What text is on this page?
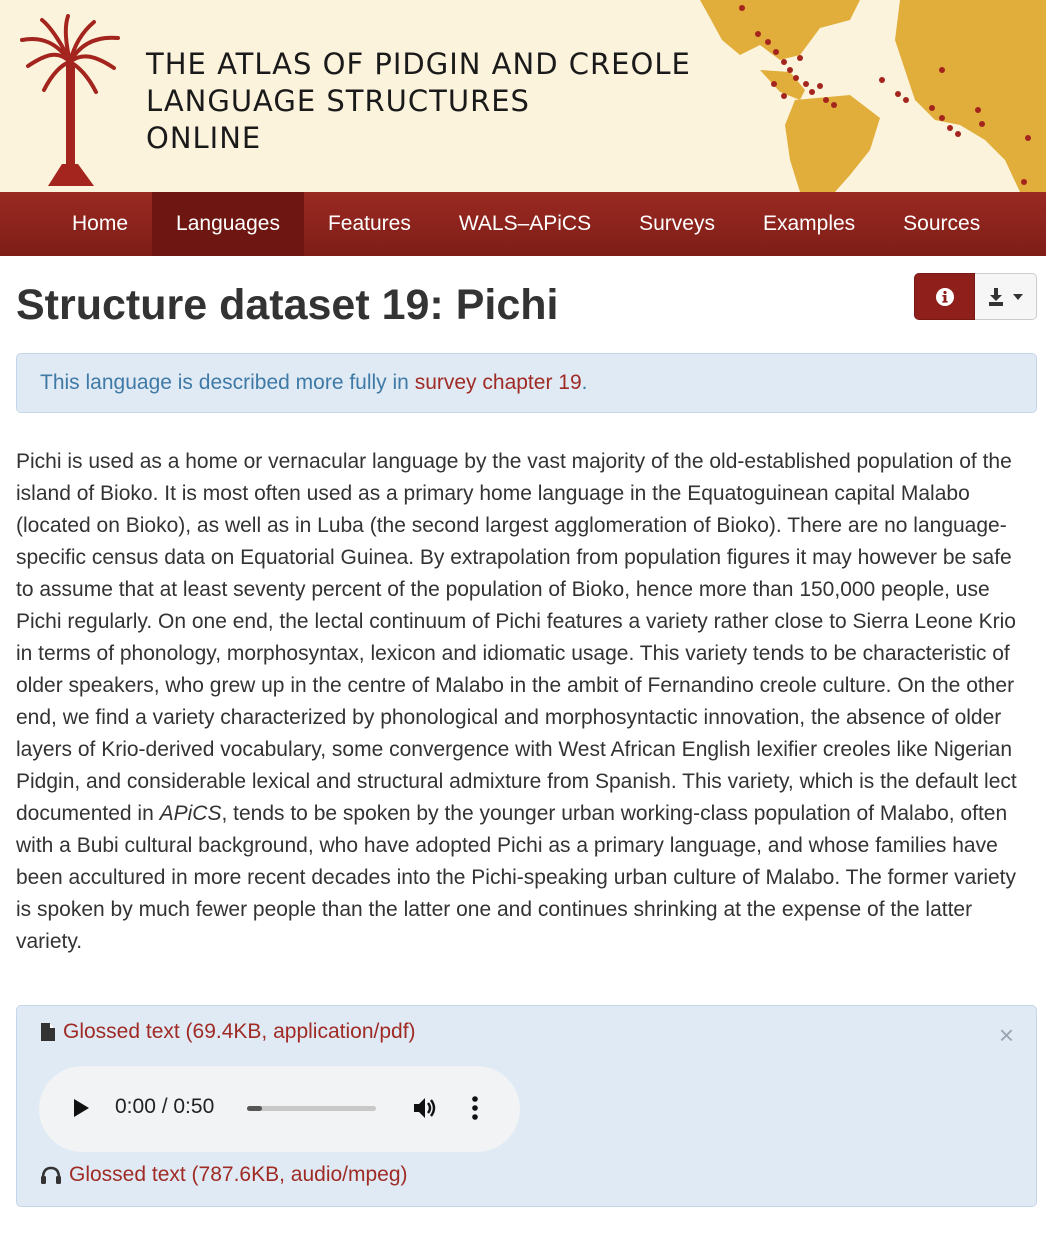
THE ATLAS OF PIDGIN AND CREOLE
LANGUAGE STRUCTURES
ONLINE
Home	Languages	Features	WALS–APiCS	Surveys	Examples	Sources
Structure dataset 19: Pichi
This language is described more fully in survey chapter 19.
Pichi is used as a home or vernacular language by the vast majority of the old-established population of the island of Bioko. It is most often used as a primary home language in the Equatoguinean capital Malabo (located on Bioko), as well as in Luba (the second largest agglomeration of Bioko). There are no language-specific census data on Equatorial Guinea. By extrapolation from population figures it may however be safe to assume that at least seventy percent of the population of Bioko, hence more than 150,000 people, use Pichi regularly. On one end, the lectal continuum of Pichi features a variety rather close to Sierra Leone Krio in terms of phonology, morphosyntax, lexicon and idiomatic usage. This variety tends to be characteristic of older speakers, who grew up in the centre of Malabo in the ambit of Fernandino creole culture. On the other end, we find a variety characterized by phonological and morphosyntactic innovation, the absence of older layers of Krio-derived vocabulary, some convergence with West African English lexifier creoles like Nigerian Pidgin, and considerable lexical and structural admixture from Spanish. This variety, which is the default lect documented in APiCS, tends to be spoken by the younger urban working-class population of Malabo, often with a Bubi cultural background, who have adopted Pichi as a primary language, and whose families have been accultured in more recent decades into the Pichi-speaking urban culture of Malabo. The former variety is spoken by much fewer people than the latter one and continues shrinking at the expense of the latter variety.
Glossed text (69.4KB, application/pdf)	×
0:00 / 0:50
Glossed text (787.6KB, audio/mpeg)
